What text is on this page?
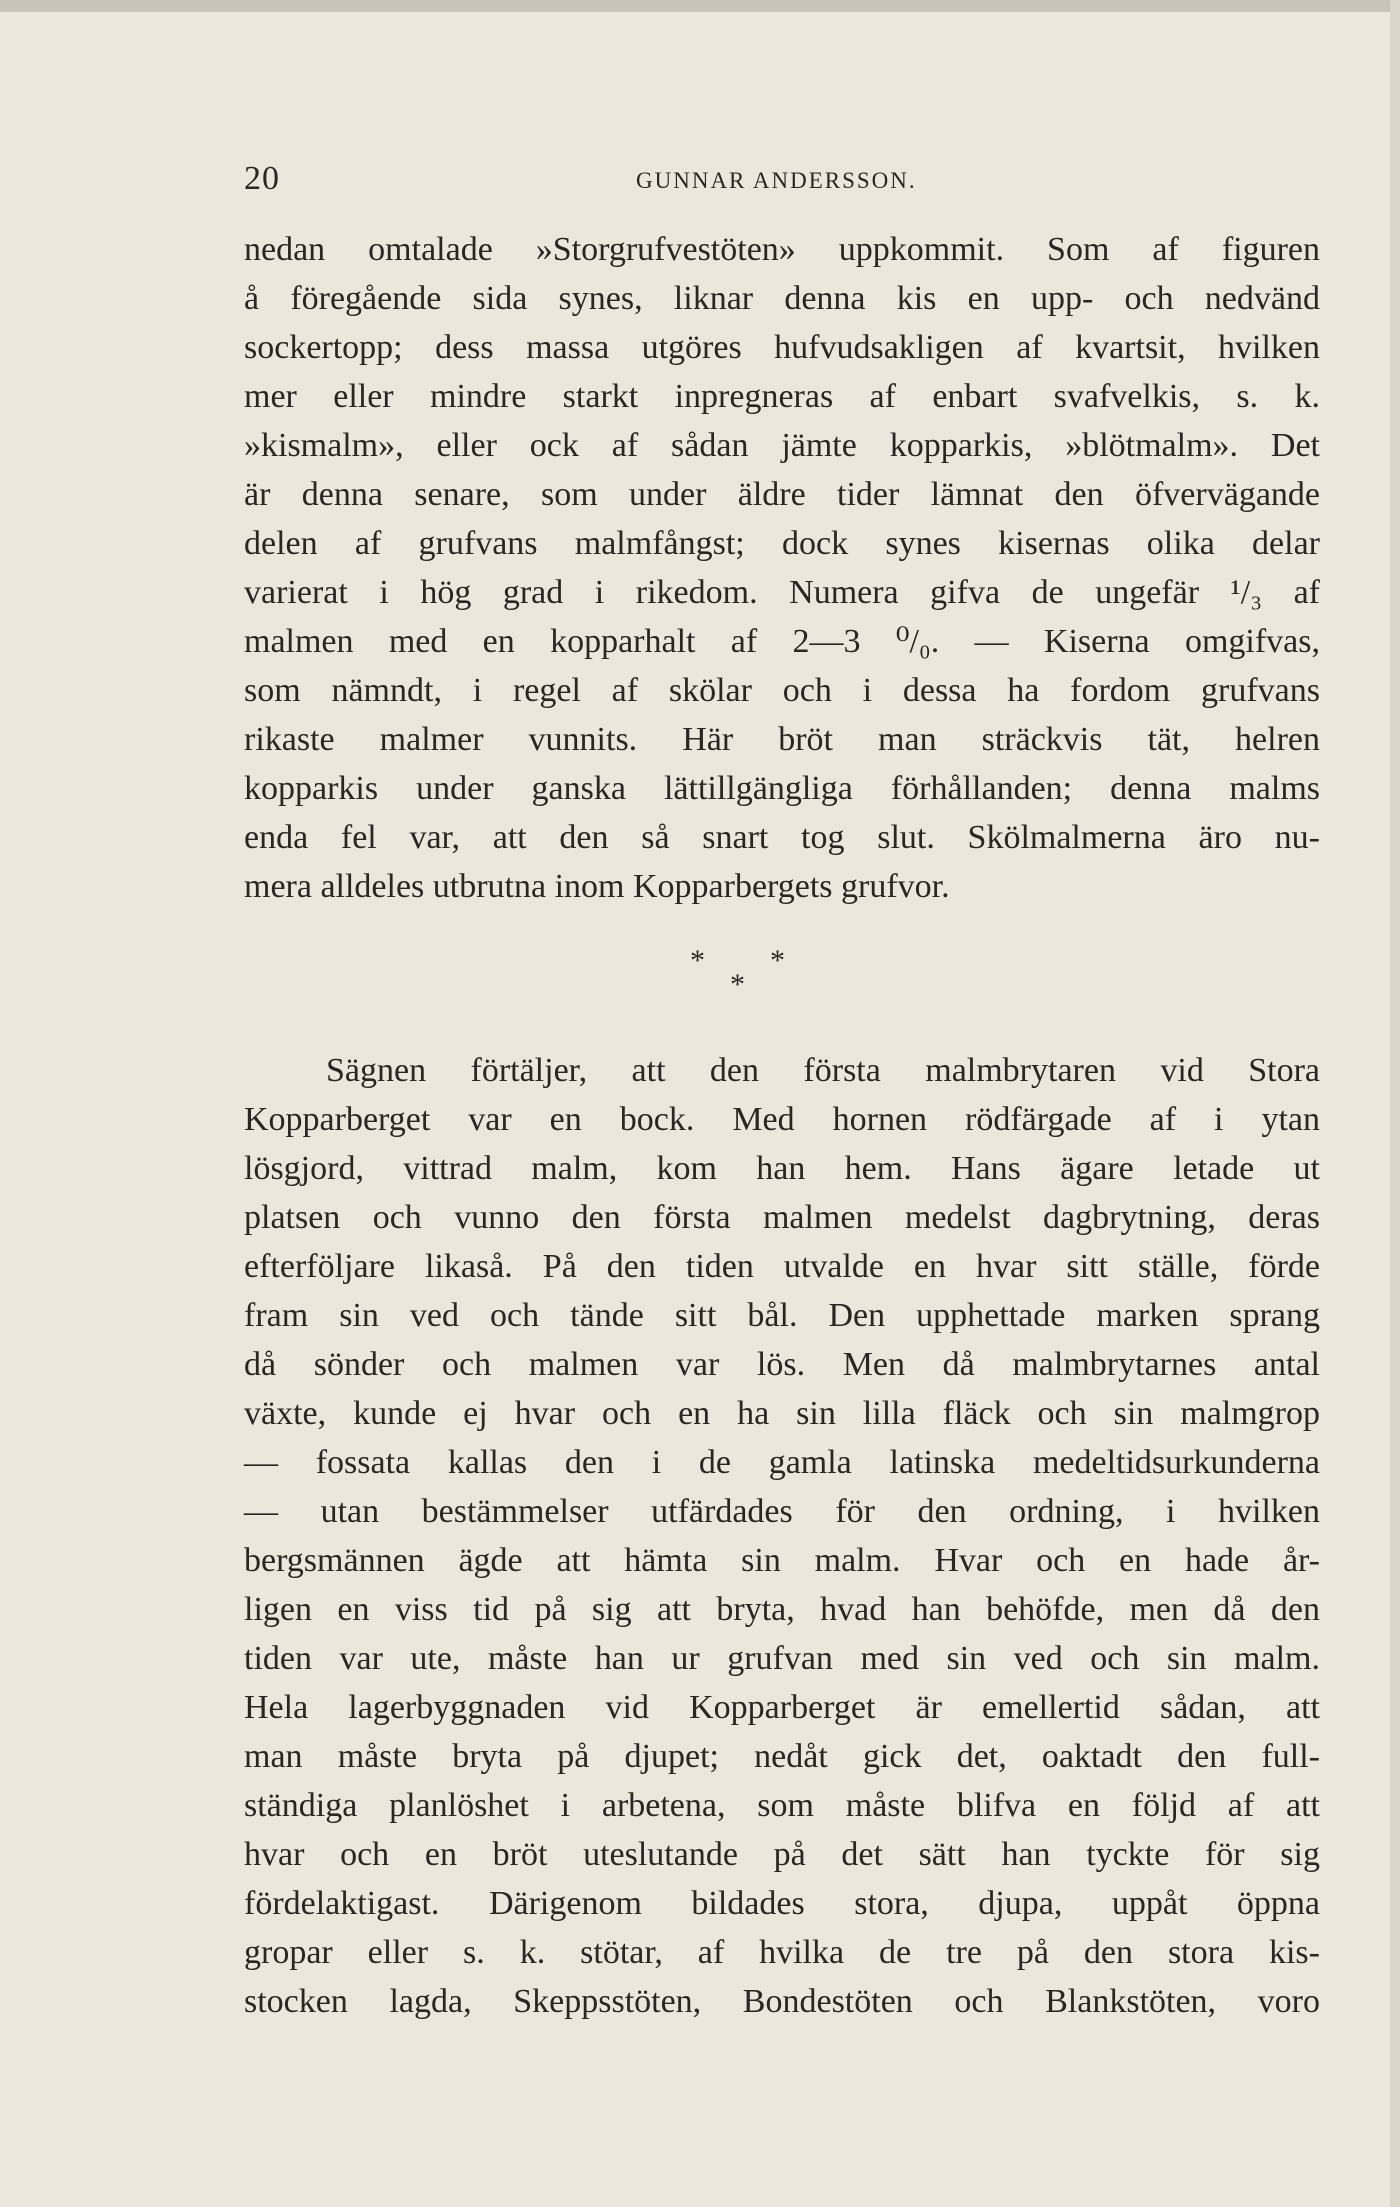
20	GUNNAR ANDERSSON.
nedan omtalade »Storgrufvestöten» uppkommit. Som af figuren
å föregående sida synes, liknar denna kis en upp- och nedvänd
sockertopp; dess massa utgöres hufvudsakligen af kvartsit, hvilken
mer eller mindre starkt inpregneras af enbart svafvelkis, s. k.
»kismalm», eller ock af sådan jämte kopparkis, »blötmalm». Det
är denna senare, som under äldre tider lämnat den öfvervägande
delen af grufvans malmfångst; dock synes kisernas olika delar
varierat i hög grad i rikedom. Numera gifva de ungefär ¹/₃ af
malmen med en kopparhalt af 2—3 ⁰/₀. — Kiserna omgifvas,
som nämndt, i regel af skölar och i dessa ha fordom grufvans
rikaste malmer vunnits. Här bröt man sträckvis tät, helren
kopparkis under ganska lättillgängliga förhållanden; denna malms
enda fel var, att den så snart tog slut. Skölmalmerna äro nu-
mera alldeles utbrutna inom Kopparbergets grufvor.
* *
*
Sägnen förtäljer, att den första malmbrytaren vid Stora
Kopparberget var en bock. Med hornen rödfärgade af i ytan
lösgjord, vittrad malm, kom han hem. Hans ägare letade ut
platsen och vunno den första malmen medelst dagbrytning, deras
efterföljare likaså. På den tiden utvalde en hvar sitt ställe, förde
fram sin ved och tände sitt bål. Den upphettade marken sprang
då sönder och malmen var lös. Men då malmbrytarnes antal
växte, kunde ej hvar och en ha sin lilla fläck och sin malmgrop
— fossata kallas den i de gamla latinska medeltidsurkunderna
— utan bestämmelser utfärdades för den ordning, i hvilken
bergsmännen ägde att hämta sin malm. Hvar och en hade år-
ligen en viss tid på sig att bryta, hvad han behöfde, men då den
tiden var ute, måste han ur grufvan med sin ved och sin malm.
Hela lagerbyggnaden vid Kopparberget är emellertid sådan, att
man måste bryta på djupet; nedåt gick det, oaktadt den full-
ständiga planlöshet i arbetena, som måste blifva en följd af att
hvar och en bröt uteslutande på det sätt han tyckte för sig
fördelaktigast. Därigenom bildades stora, djupa, uppåt öppna
gropar eller s. k. stötar, af hvilka de tre på den stora kis-
stocken lagda, Skeppsstöten, Bondestöten och Blankstöten, voro
